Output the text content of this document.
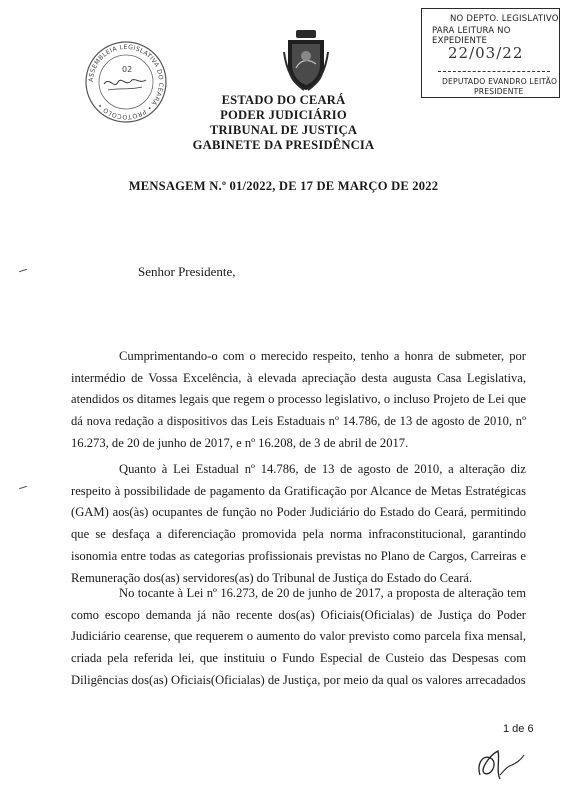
ASSEMBLEIA LEGISLATIVA DO CEARÁ • PROTOCOLO •
02
NO DEPTO. LEGISLATIVO
PARA LEITURA NO EXPEDIENTE
22/03/22
DEPUTADO EVANDRO LEITÃO
PRESIDENTE
ESTADO DO CEARÁ
PODER JUDICIÁRIO
TRIBUNAL DE JUSTIÇA
GABINETE DA PRESIDÊNCIA
MENSAGEM N.º 01/2022, DE 17 DE MARÇO DE 2022
Senhor Presidente,
Cumprimentando-o com o merecido respeito, tenho a honra de submeter, por intermédio de Vossa Excelência, à elevada apreciação desta augusta Casa Legislativa, atendidos os ditames legais que regem o processo legislativo, o incluso Projeto de Lei que dá nova redação a dispositivos das Leis Estaduais nº 14.786, de 13 de agosto de 2010, nº 16.273, de 20 de junho de 2017, e nº 16.208, de 3 de abril de 2017.
Quanto à Lei Estadual nº 14.786, de 13 de agosto de 2010, a alteração diz respeito à possibilidade de pagamento da Gratificação por Alcance de Metas Estratégicas (GAM) aos(às) ocupantes de função no Poder Judiciário do Estado do Ceará, permitindo que se desfaça a diferenciação promovida pela norma infraconstitucional, garantindo isonomia entre todas as categorias profissionais previstas no Plano de Cargos, Carreiras e Remuneração dos(as) servidores(as) do Tribunal de Justiça do Estado do Ceará.
No tocante à Lei nº 16.273, de 20 de junho de 2017, a proposta de alteração tem como escopo demanda já não recente dos(as) Oficiais(Oficialas) de Justiça do Poder Judiciário cearense, que requerem o aumento do valor previsto como parcela fixa mensal, criada pela referida lei, que instituiu o Fundo Especial de Custeio das Despesas com Diligências dos(as) Oficiais(Oficialas) de Justiça, por meio da qual os valores arrecadados
1 de 6
